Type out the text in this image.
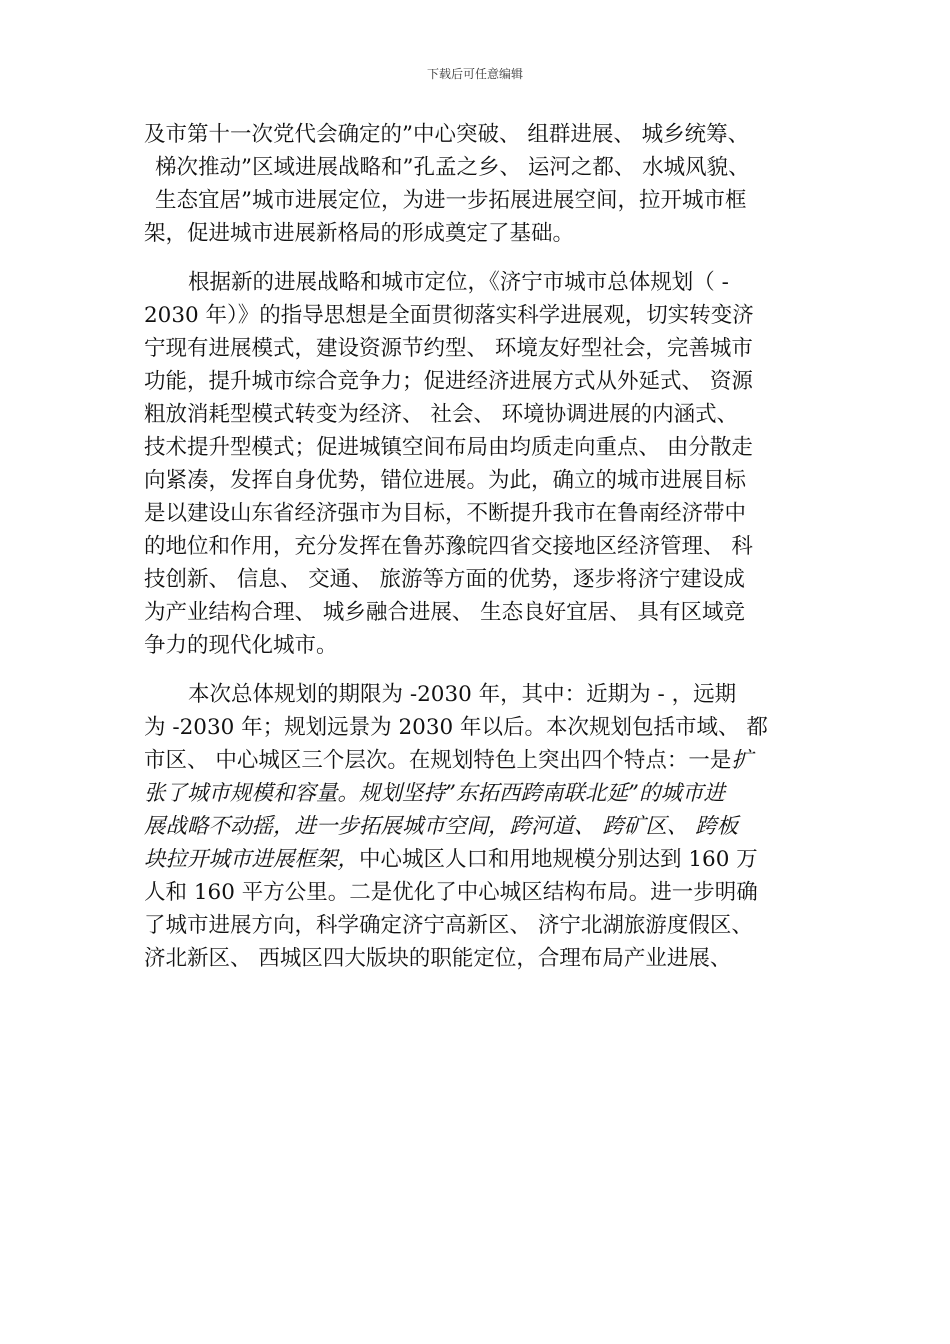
下载后可任意编辑
及市第十一次党代会确定的”中心突破、 组群进展、 城乡统筹、
梯次推动”区域进展战略和”孔孟之乡、 运河之都、 水城风貌、
生态宜居”城市进展定位，为进一步拓展进展空间，拉开城市框
架，促进城市进展新格局的形成奠定了基础。
根据新的进展战略和城市定位，《济宁市城市总体规划（ -
2030 年）》的指导思想是全面贯彻落实科学进展观，切实转变济
宁现有进展模式，建设资源节约型、 环境友好型社会，完善城市
功能，提升城市综合竞争力；促进经济进展方式从外延式、 资源
粗放消耗型模式转变为经济、 社会、 环境协调进展的内涵式、
技术提升型模式；促进城镇空间布局由均质走向重点、 由分散走
向紧凑，发挥自身优势，错位进展。为此，确立的城市进展目标
是以建设山东省经济强市为目标，不断提升我市在鲁南经济带中
的地位和作用，充分发挥在鲁苏豫皖四省交接地区经济管理、 科
技创新、 信息、 交通、 旅游等方面的优势，逐步将济宁建设成
为产业结构合理、 城乡融合进展、 生态良好宜居、 具有区域竞
争力的现代化城市。
本次总体规划的期限为 -2030 年，其中：近期为 - ，远期
为 -2030 年；规划远景为 2030 年以后。本次规划包括市域、 都
市区、 中心城区三个层次。在规划特色上突出四个特点：一是扩
张了城市规模和容量。规划坚持”东拓西跨南联北延”的城市进
展战略不动摇，进一步拓展城市空间，跨河道、 跨矿区、 跨板
块拉开城市进展框架，中心城区人口和用地规模分别达到 160 万
人和 160 平方公里。二是优化了中心城区结构布局。进一步明确
了城市进展方向，科学确定济宁高新区、 济宁北湖旅游度假区、
济北新区、 西城区四大版块的职能定位，合理布局产业进展、
